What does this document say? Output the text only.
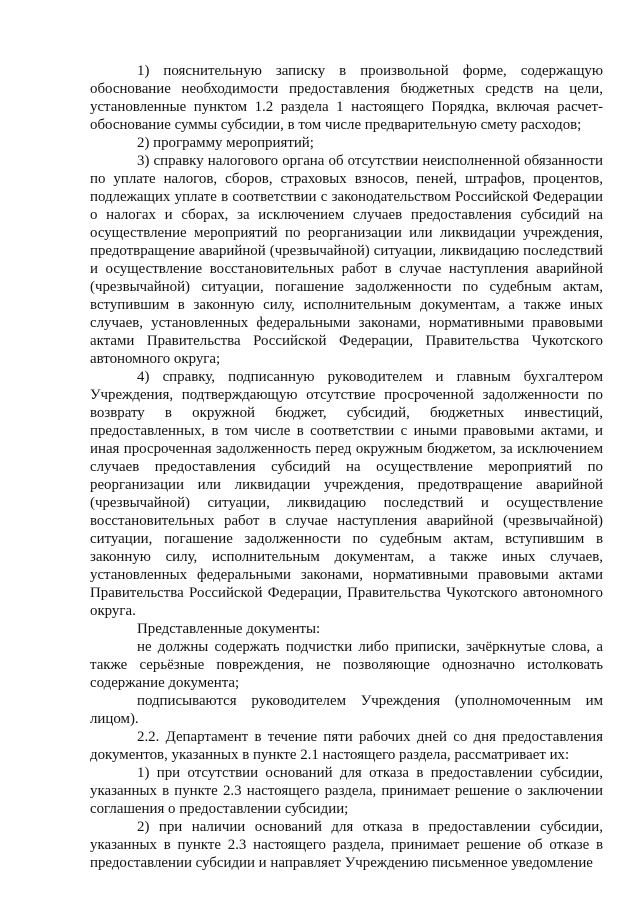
1) пояснительную записку в произвольной форме, содержащую обоснование необходимости предоставления бюджетных средств на цели, установленные пунктом 1.2 раздела 1 настоящего Порядка, включая расчет-обоснование суммы субсидии, в том числе предварительную смету расходов;

2) программу мероприятий;

3) справку налогового органа об отсутствии неисполненной обязанности по уплате налогов, сборов, страховых взносов, пеней, штрафов, процентов, подлежащих уплате в соответствии с законодательством Российской Федерации о налогах и сборах, за исключением случаев предоставления субсидий на осуществление мероприятий по реорганизации или ликвидации учреждения, предотвращение аварийной (чрезвычайной) ситуации, ликвидацию последствий и осуществление восстановительных работ в случае наступления аварийной (чрезвычайной) ситуации, погашение задолженности по судебным актам, вступившим в законную силу, исполнительным документам, а также иных случаев, установленных федеральными законами, нормативными правовыми актами Правительства Российской Федерации, Правительства Чукотского автономного округа;

4) справку, подписанную руководителем и главным бухгалтером Учреждения, подтверждающую отсутствие просроченной задолженности по возврату в окружной бюджет, субсидий, бюджетных инвестиций, предоставленных, в том числе в соответствии с иными правовыми актами, и иная просроченная задолженность перед окружным бюджетом, за исключением случаев предоставления субсидий на осуществление мероприятий по реорганизации или ликвидации учреждения, предотвращение аварийной (чрезвычайной) ситуации, ликвидацию последствий и осуществление восстановительных работ в случае наступления аварийной (чрезвычайной) ситуации, погашение задолженности по судебным актам, вступившим в законную силу, исполнительным документам, а также иных случаев, установленных федеральными законами, нормативными правовыми актами Правительства Российской Федерации, Правительства Чукотского автономного округа.

Представленные документы:

не должны содержать подчистки либо приписки, зачёркнутые слова, а также серьёзные повреждения, не позволяющие однозначно истолковать содержание документа;

подписываются руководителем Учреждения (уполномоченным им лицом).

2.2. Департамент в течение пяти рабочих дней со дня предоставления документов, указанных в пункте 2.1 настоящего раздела, рассматривает их:

1) при отсутствии оснований для отказа в предоставлении субсидии, указанных в пункте 2.3 настоящего раздела, принимает решение о заключении соглашения о предоставлении субсидии;

2) при наличии оснований для отказа в предоставлении субсидии, указанных в пункте 2.3 настоящего раздела, принимает решение об отказе в предоставлении субсидии и направляет Учреждению письменное уведомление
